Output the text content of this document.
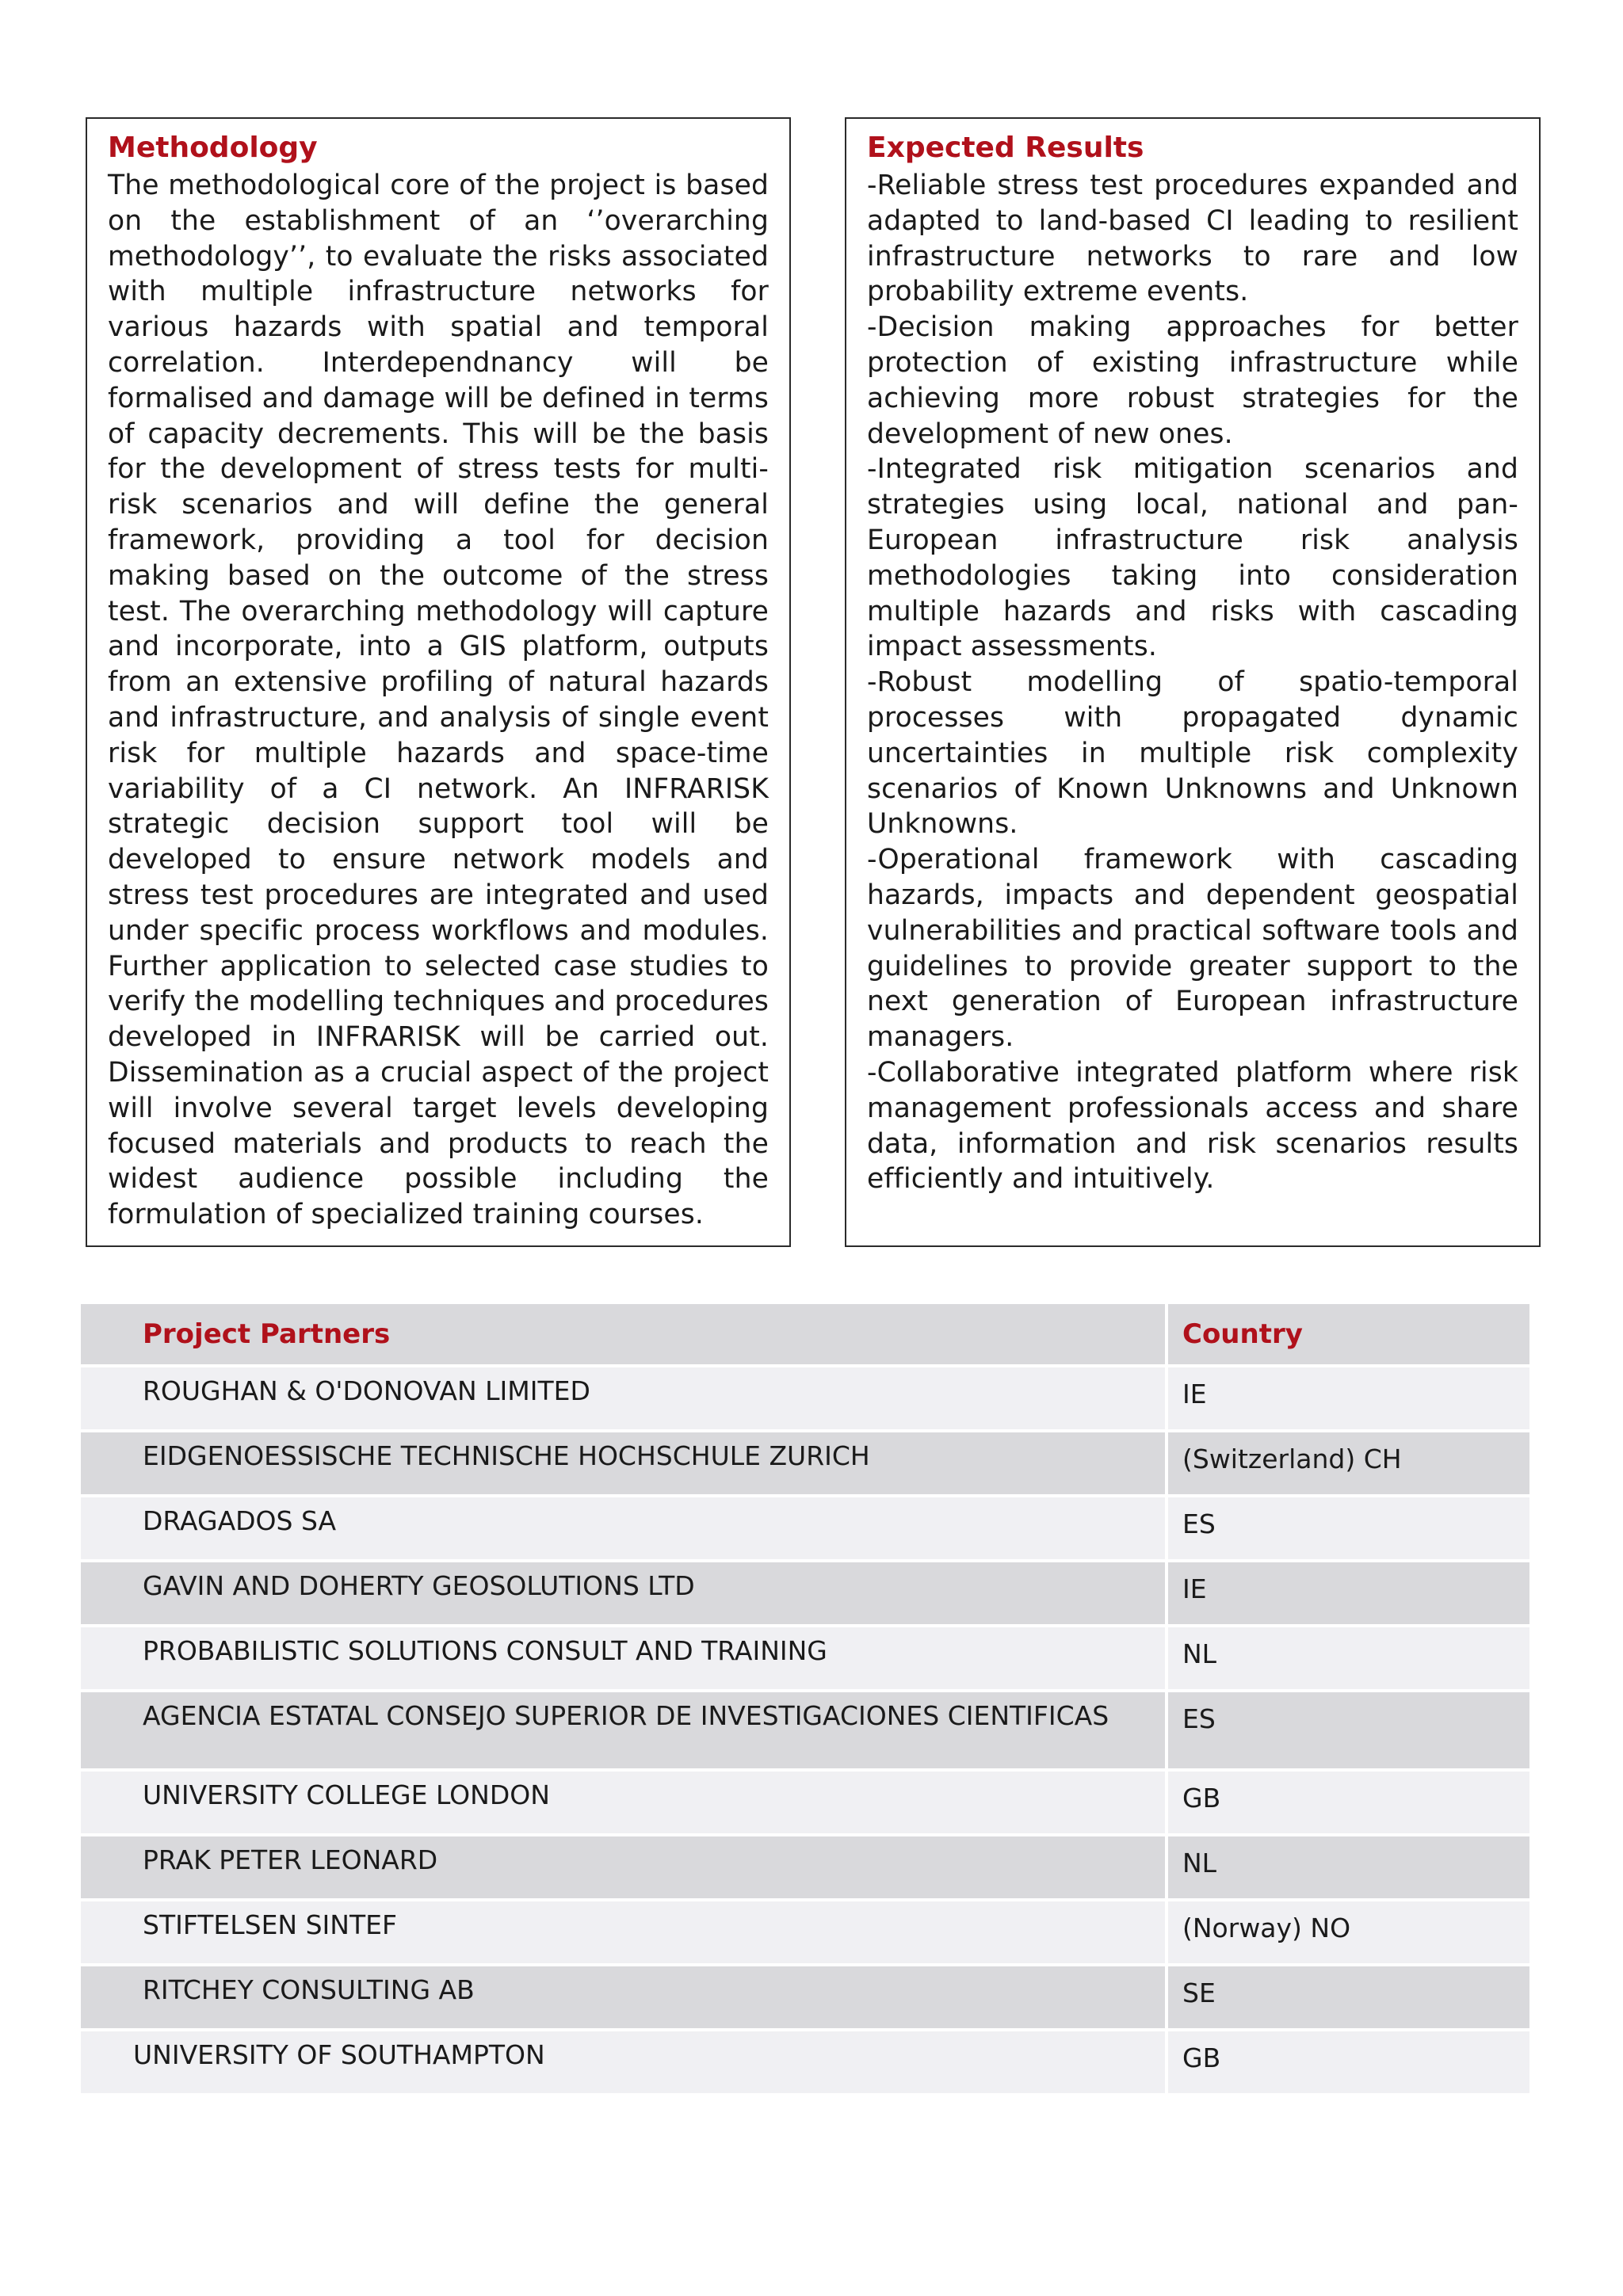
Methodology

The methodological core of the project is based on the establishment of an ‘’overarching methodology’’, to evaluate the risks associated with multiple infrastructure networks for various hazards with spatial and temporal correlation. Interdependnancy will be formalised and damage will be defined in terms of capacity decrements. This will be the basis for the development of stress tests for multi-risk scenarios and will define the general framework, providing a tool for decision making based on the outcome of the stress test. The overarching methodology will capture and incorporate, into a GIS platform, outputs from an extensive profiling of natural hazards and infrastructure, and analysis of single event risk for multiple hazards and space-time variability of a CI network. An INFRARISK strategic decision support tool will be developed to ensure network models and stress test procedures are integrated and used under specific process workflows and modules. Further application to selected case studies to verify the modelling techniques and procedures developed in INFRARISK will be carried out. Dissemination as a crucial aspect of the project will involve several target levels developing focused materials and products to reach the widest audience possible including the formulation of specialized training courses.

Expected Results

-Reliable stress test procedures expanded and adapted to land-based CI leading to resilient infrastructure networks to rare and low probability extreme events.

-Decision making approaches for better protection of existing infrastructure while achieving more robust strategies for the development of new ones.

-Integrated risk mitigation scenarios and strategies using local, national and pan-European infrastructure risk analysis methodologies taking into consideration multiple hazards and risks with cascading impact assessments.

-Robust modelling of spatio-temporal processes with propagated dynamic uncertainties in multiple risk complexity scenarios of Known Unknowns and Unknown Unknowns.

-Operational framework with cascading hazards, impacts and dependent geospatial vulnerabilities and practical software tools and guidelines to provide greater support to the next generation of European infrastructure managers.

-Collaborative integrated platform where risk management professionals access and share data, information and risk scenarios results efficiently and intuitively.

Project Partners	Country
ROUGHAN & O'DONOVAN LIMITED	IE
EIDGENOESSISCHE TECHNISCHE HOCHSCHULE ZURICH	(Switzerland) CH
DRAGADOS SA	ES
GAVIN AND DOHERTY GEOSOLUTIONS LTD	IE
PROBABILISTIC SOLUTIONS CONSULT AND TRAINING	NL
AGENCIA ESTATAL CONSEJO SUPERIOR DE INVESTIGACIONES CIENTIFICAS	ES
UNIVERSITY COLLEGE LONDON	GB
PRAK PETER LEONARD	NL
STIFTELSEN SINTEF	(Norway) NO
RITCHEY CONSULTING AB	SE
UNIVERSITY OF SOUTHAMPTON	GB
